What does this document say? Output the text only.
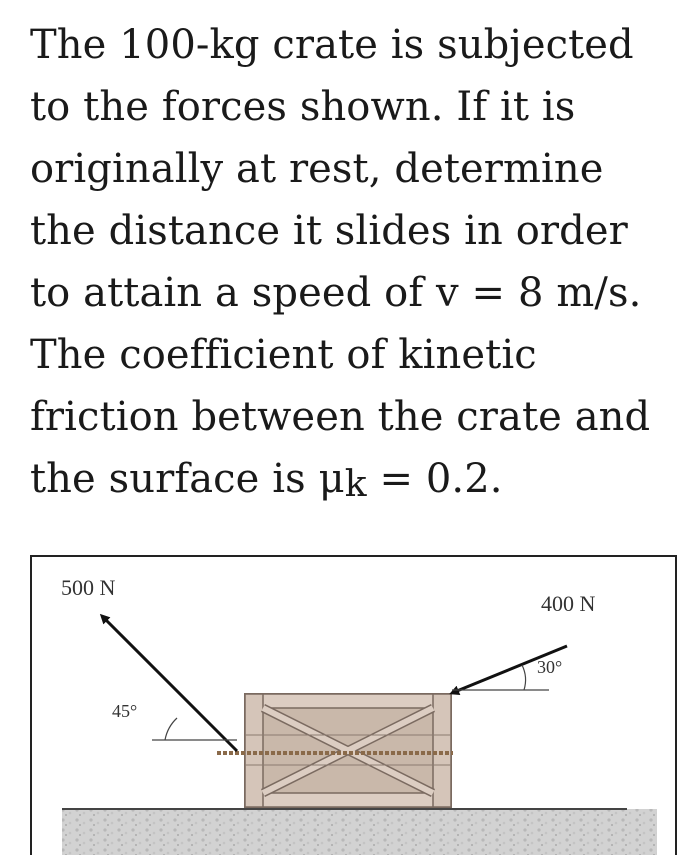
The 100-kg crate is subjected
to the forces shown. If it is
originally at rest, determine
the distance it slides in order
to attain a speed of v = 8 m/s.
The coefficient of kinetic
friction between the crate and
the surface is μk = 0.2.
500 N
45°
400 N
30°
